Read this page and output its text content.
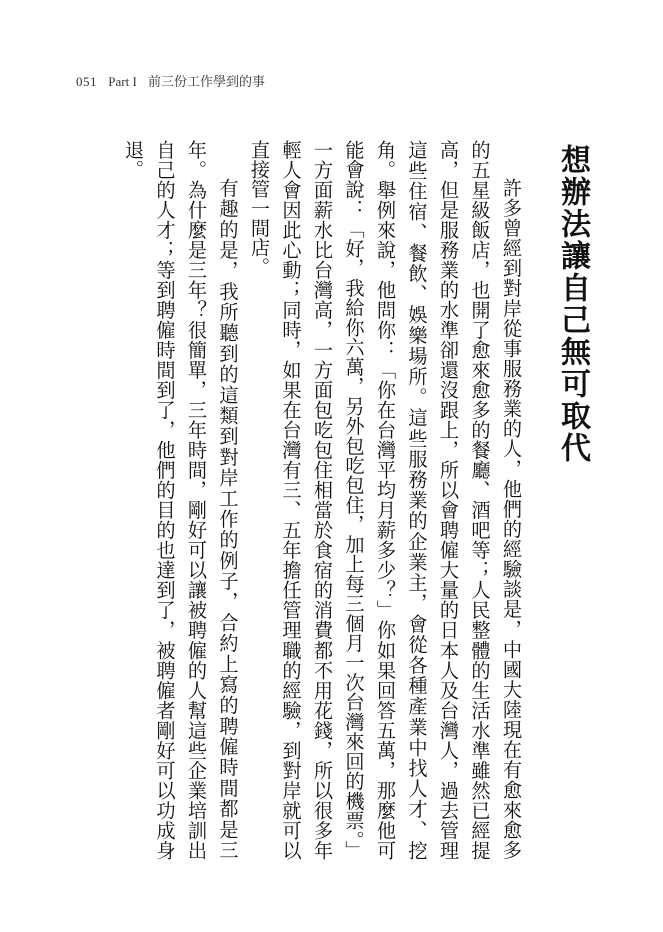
051 Part I 前三份工作學到的事
想辦法讓自己無可取代

許多曾經到對岸從事服務業的人，他們的經驗談是，中國大陸現在有愈來愈多的五星級飯店，也開了愈來愈多的餐廳、酒吧等；人民整體的生活水準雖然已經提高，但是服務業的水準卻還沒跟上，所以會聘僱大量的日本人及台灣人，過去管理這些住宿、餐飲、娛樂場所。這些服務業的企業主，會從各種產業中找人才、挖角。舉例來說，他問你：「你在台灣平均月薪多少？」你如果回答五萬，那麼他可能會說：「好，我給你六萬，另外包吃包住，加上每三個月一次台灣來回的機票。」一方面薪水比台灣高，一方面包吃包住相當於食宿的消費都不用花錢，所以很多年輕人會因此心動；同時，如果在台灣有三、五年擔任管理職的經驗，到對岸就可以直接管一間店。

有趣的是，我所聽到的這類到對岸工作的例子，合約上寫的聘僱時間都是三年。為什麼是三年？很簡單，三年時間，剛好可以讓被聘僱的人幫這些企業培訓出自己的人才；等到聘僱時間到了，他們的目的也達到了，被聘僱者剛好可以功成身退。
